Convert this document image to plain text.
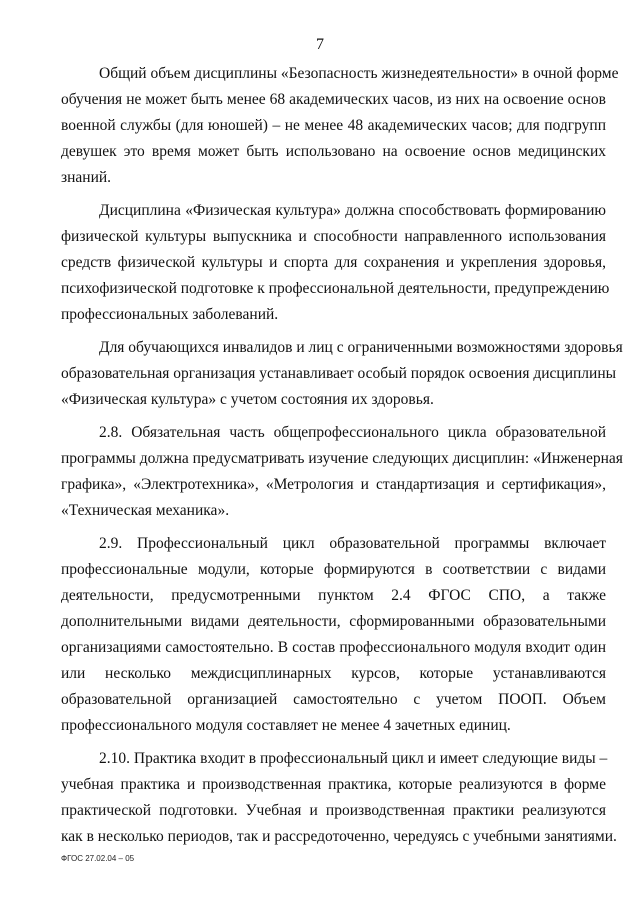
7

Общий объем дисциплины «Безопасность жизнедеятельности» в очной форме
обучения не может быть менее 68 академических часов, из них на освоение основ
военной службы (для юношей) – не менее 48 академических часов; для подгрупп
девушек это время может быть использовано на освоение основ медицинских
знаний.

Дисциплина «Физическая культура» должна способствовать формированию
физической культуры выпускника и способности направленного использования
средств физической культуры и спорта для сохранения и укрепления здоровья,
психофизической подготовке к профессиональной деятельности, предупреждению
профессиональных заболеваний.

Для обучающихся инвалидов и лиц с ограниченными возможностями здоровья
образовательная организация устанавливает особый порядок освоения дисциплины
«Физическая культура» с учетом состояния их здоровья.

2.8. Обязательная часть общепрофессионального цикла образовательной
программы должна предусматривать изучение следующих дисциплин: «Инженерная
графика», «Электротехника», «Метрология и стандартизация и сертификация»,
«Техническая механика».

2.9. Профессиональный цикл образовательной программы включает
профессиональные модули, которые формируются в соответствии с видами
деятельности, предусмотренными пунктом 2.4 ФГОС СПО, а также
дополнительными видами деятельности, сформированными образовательными
организациями самостоятельно. В состав профессионального модуля входит один
или несколько междисциплинарных курсов, которые устанавливаются
образовательной организацией самостоятельно с учетом ПООП. Объем
профессионального модуля составляет не менее 4 зачетных единиц.

2.10. Практика входит в профессиональный цикл и имеет следующие виды –
учебная практика и производственная практика, которые реализуются в форме
практической подготовки. Учебная и производственная практики реализуются
как в несколько периодов, так и рассредоточенно, чередуясь с учебными занятиями.

ФГОС 27.02.04 – 05
